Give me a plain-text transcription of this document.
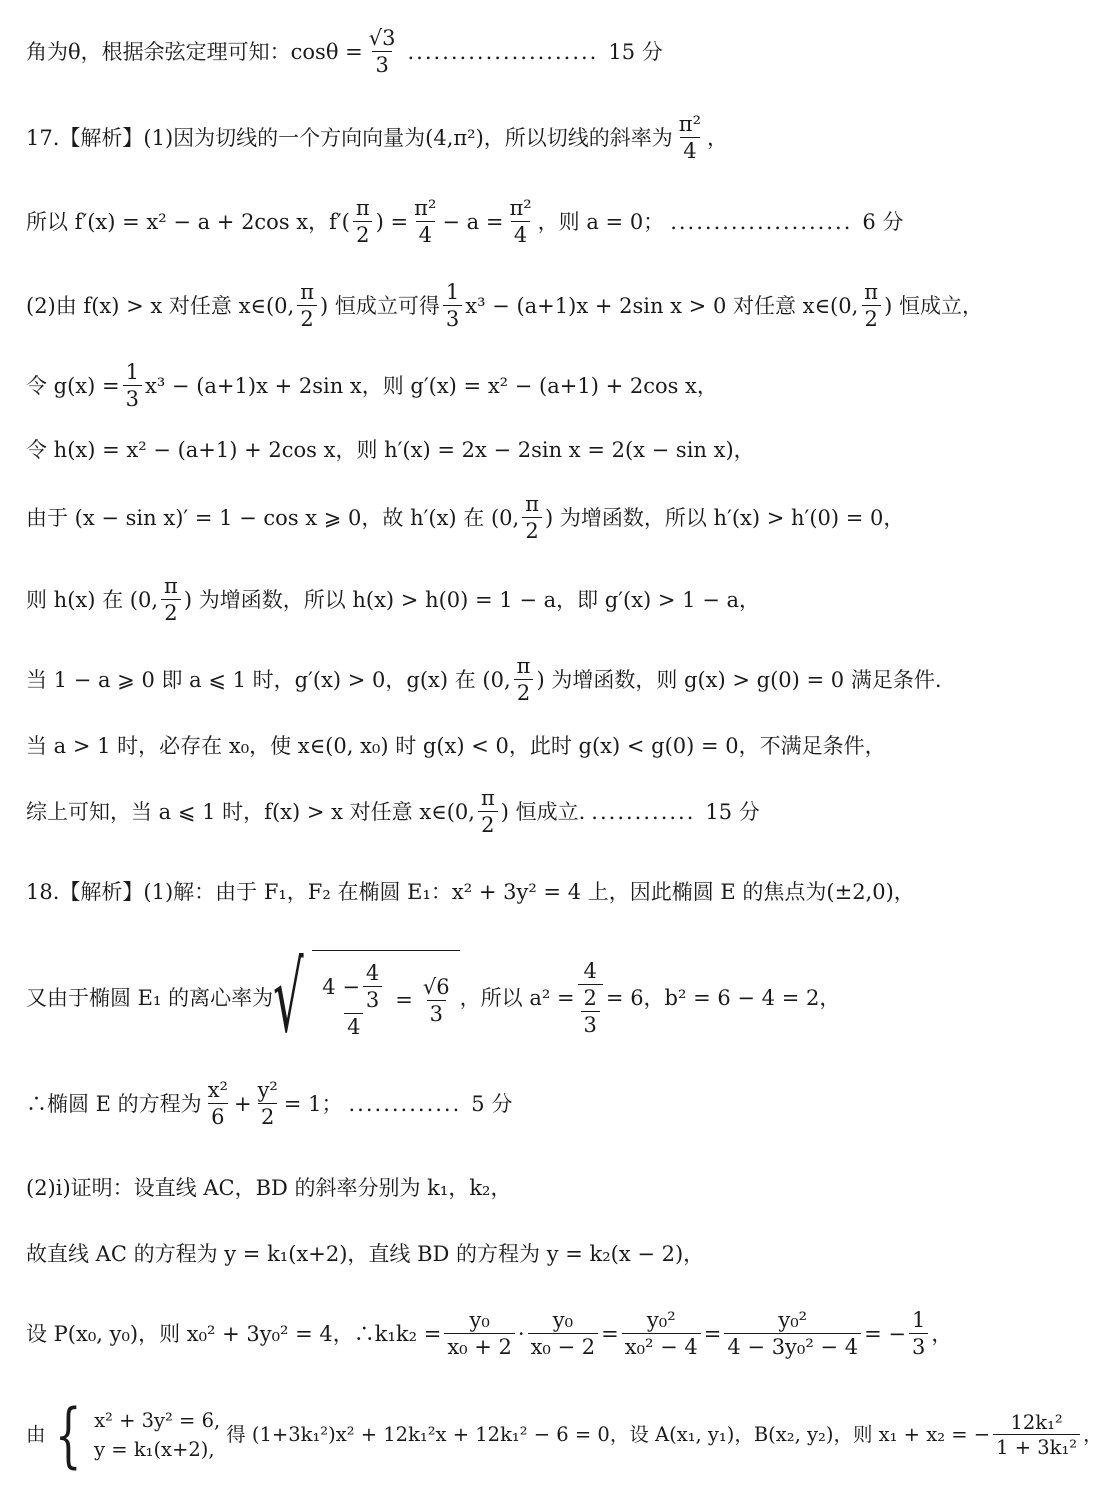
角为θ，根据余弦定理可知：$\cos\theta = \frac{√3}{3}$ ...................... 15 分
17.【解析】(1)因为切线的一个方向向量为(4,π²)，所以切线的斜率为 $\frac{\text{π²}}{4}$ ，
所以 f′(x) = x² − a + 2cos x，$f'( \frac{\pi}{2}$ ) = $\frac{\text{π²}}{4} - a = \frac{\text{π²}}{4}$ ，则 a = 0； ..................... 6 分
(2)由 f(x) > x 对任意 x∈(0, $\frac{\pi}{2}$ ) 恒成立可得 $\frac{1}{3} x^3 - (a+1)x + 2\sin$ x > 0 对任意 x∈(0, $\frac{\pi}{2}$ ) 恒成立，
令 $g(x) = \frac{1}{3} x^3 - (a+1)x + 2\sin$ x，则 g′(x) = x² − (a+1) + 2cos x，
令 h(x) = x² − (a+1) + 2cos x，则 h′(x) = 2x − 2sin x = 2(x − sin x)，
由于 (x − sin x)′ = 1 − cos x ⩾ 0，故 h′(x) 在 (0, $\frac{\pi}{2}$ ) 为增函数，所以 h′(x) > h′(0) = 0，
则 h(x) 在 (0, $\frac{\pi}{2}$ ) 为增函数，所以 h(x) > h(0) = 1 − a，即 g′(x) > 1 − a，
当 1 − a ⩾ 0 即 a ⩽ 1 时，g′(x) > 0，g(x) 在 (0, $\frac{\pi}{2}$ ) 为增函数，则 g(x) > g(0) = 0 满足条件.
当 a > 1 时，必存在 x₀，使 x∈(0, x₀) 时 g(x) < 0，此时 g(x) < g(0) = 0，不满足条件，
综上可知，当 a ⩽ 1 时，f(x) > x 对任意 x∈(0, $\frac{\pi}{2}$ ) 恒成立. ............ 15 分
18.【解析】(1)解：由于 F₁，F₂ 在椭圆 E₁：x² + 3y² = 4 上，因此椭圆 E 的焦点为(±2,0)，
又由于椭圆 E₁ 的离心率为 √ $\frac{4 - \frac{4}{3}}{4} = \frac{√6}{3}$ ，所以 $a^2 = \frac{4}{\frac{2}{3}} = 6$，b² = 6 − 4 = 2，
∴椭圆 E 的方程为 $\frac{\text{x²}}{6} + \frac{\text{y²}}{2} = 1$； ............. 5 分
(2)i)证明：设直线 AC，BD 的斜率分别为 k₁，k₂，
故直线 AC 的方程为 y = k₁(x+2)，直线 BD 的方程为 y = k₂(x − 2)，
设 P(x₀, y₀)，则 x₀² + 3y₀² = 4，∴k₁k₂ = $\frac{\text{y₀}}{\text{x₀ + 2}} \cdot \frac{\text{y₀}}{\text{x₀ − 2}} = \frac{\text{y₀²}}{\text{x₀² − 4}} = \frac{\text{y₀²}}{\text{4 − 3y₀² − 4}}$ = − $\frac{1}{3}$ ，
由 { x² + 3y² = 6,
y = k₁(x+2),
得 (1+3k₁²)x² + 12k₁²x + 12k₁² − 6 = 0，设 A(x₁, y₁)，B(x₂, y₂)，则 x₁ + x₂ = − $\frac{\text{12k₁²}}{\text{1 + 3k₁²}}$ ，
